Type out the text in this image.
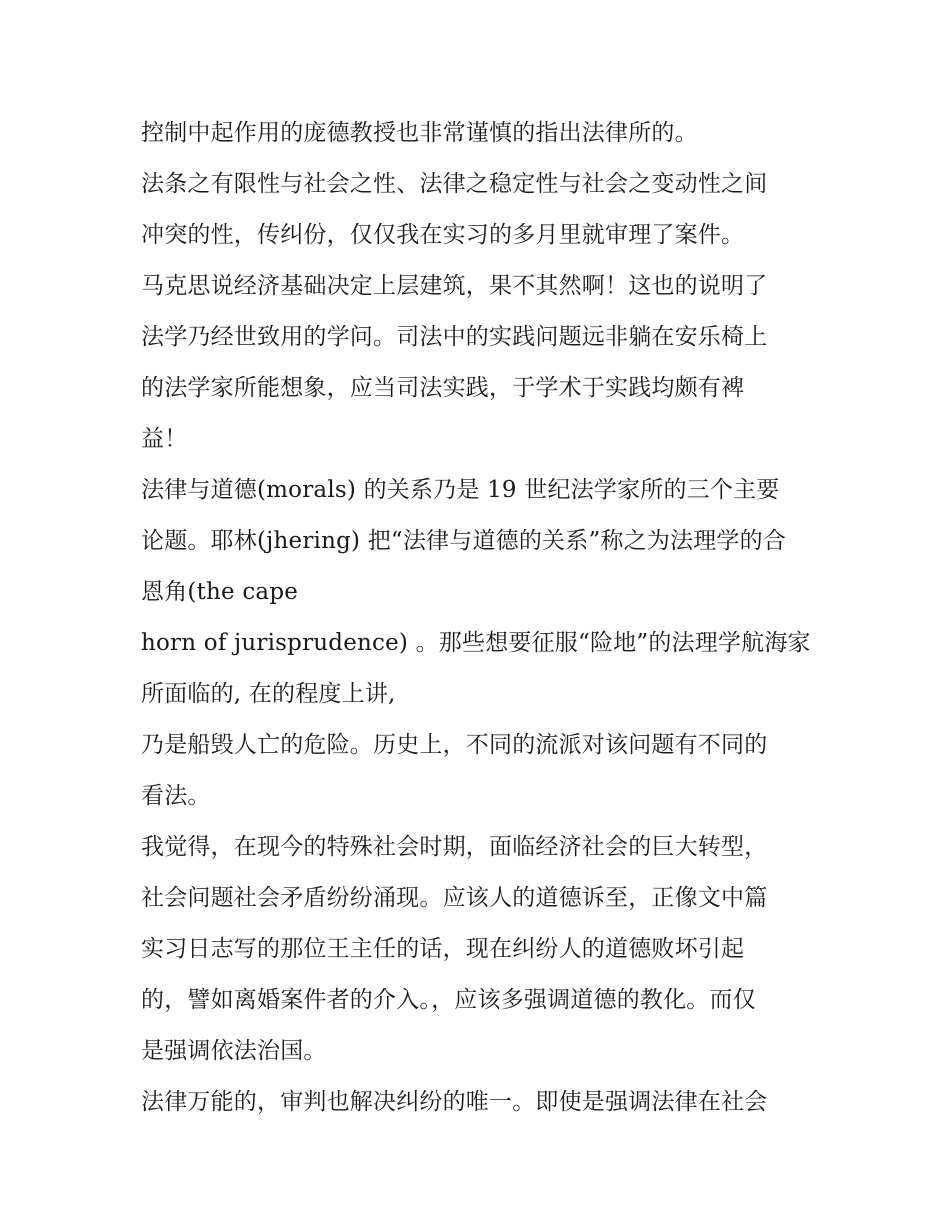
控制中起作用的庞德教授也非常谨慎的指出法律所的。
法条之有限性与社会之性、法律之稳定性与社会之变动性之间
冲突的性，传纠份，仅仅我在实习的多月里就审理了案件。
马克思说经济基础决定上层建筑，果不其然啊！这也的说明了
法学乃经世致用的学问。司法中的实践问题远非躺在安乐椅上
的法学家所能想象，应当司法实践，于学术于实践均颇有裨
益！
法律与道德(morals) 的关系乃是 19 世纪法学家所的三个主要
论题。耶林(jhering) 把“法律与道德的关系”称之为法理学的合
恩角(the cape
horn of jurisprudence) 。那些想要征服“险地”的法理学航海家
所面临的, 在的程度上讲,
乃是船毁人亡的危险。历史上，不同的流派对该问题有不同的
看法。
我觉得，在现今的特殊社会时期，面临经济社会的巨大转型，
社会问题社会矛盾纷纷涌现。应该人的道德诉至，正像文中篇
实习日志写的那位王主任的话，现在纠纷人的道德败坏引起
的，譬如离婚案件者的介入。，应该多强调道德的教化。而仅
是强调依法治国。
法律万能的，审判也解决纠纷的唯一。即使是强调法律在社会
